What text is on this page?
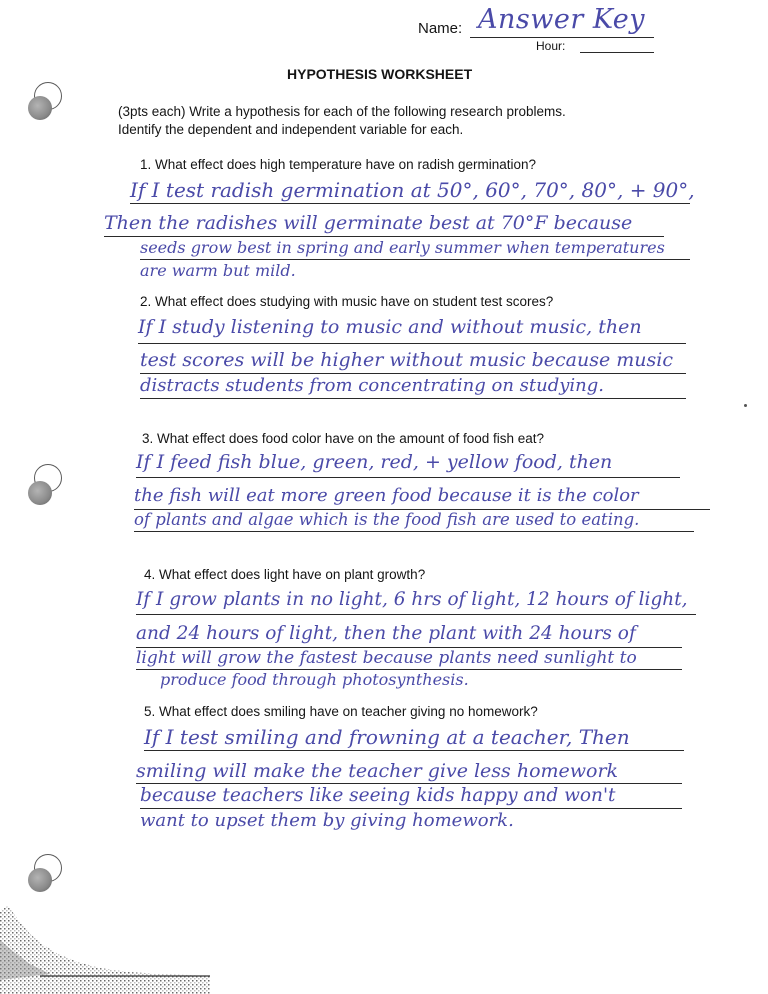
Name: Answer Key
Hour:
HYPOTHESIS WORKSHEET
(3pts each) Write a hypothesis for each of the following research problems.
Identify the dependent and independent variable for each.
1. What effect does high temperature have on radish germination?
If I test radish germination at 50°, 60°, 70°, 80°, + 90°,
Then the radishes will germinate best at 70°F because
seeds grow best in spring and early summer when temperatures
are warm but mild.
2. What effect does studying with music have on student test scores?
If I study listening to music and without music, then
test scores will be higher without music because music
distracts students from concentrating on studying.
3. What effect does food color have on the amount of food fish eat?
If I feed fish blue, green, red, + yellow food, then
the fish will eat more green food because it is the color
of plants and algae which is the food fish are used to eating.
4. What effect does light have on plant growth?
If I grow plants in no light, 6 hrs of light, 12 hours of light,
and 24 hours of light, then the plant with 24 hours of
light will grow the fastest because plants need sunlight to
produce food through photosynthesis.
5. What effect does smiling have on teacher giving no homework?
If I test smiling and frowning at a teacher, Then
smiling will make the teacher give less homework
because teachers like seeing kids happy and won't
want to upset them by giving homework.
